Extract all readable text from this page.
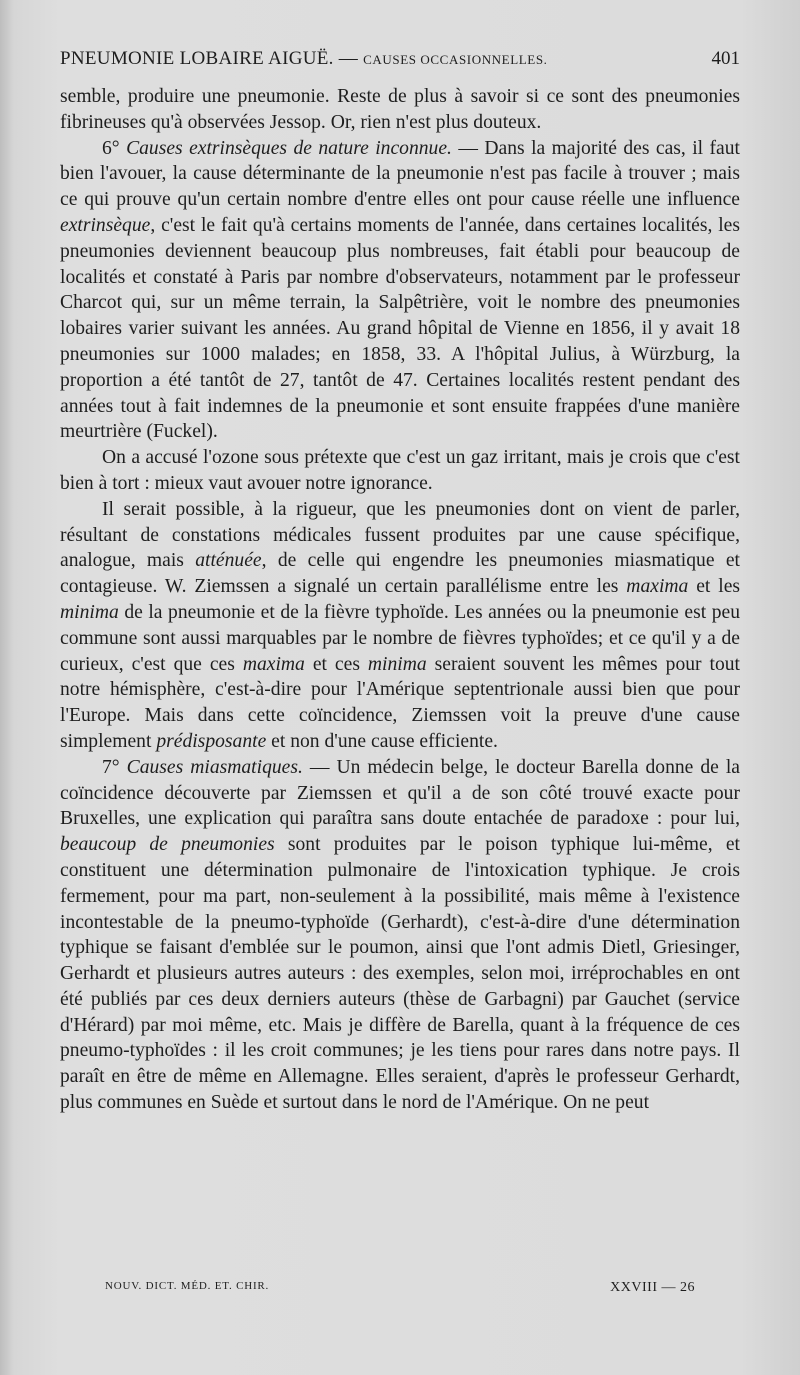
PNEUMONIE LOBAIRE AIGUË. — CAUSES OCCASIONNELLES.	401

semble, produire une pneumonie. Reste de plus à savoir si ce sont des pneumonies fibrineuses qu'à observées Jessop. Or, rien n'est plus douteux.

6° Causes extrinsèques de nature inconnue. — Dans la majorité des cas, il faut bien l'avouer, la cause déterminante de la pneumonie n'est pas facile à trouver ; mais ce qui prouve qu'un certain nombre d'entre elles ont pour cause réelle une influence extrinsèque, c'est le fait qu'à certains moments de l'année, dans certaines localités, les pneumonies deviennent beaucoup plus nombreuses, fait établi pour beaucoup de localités et constaté à Paris par nombre d'observateurs, notamment par le professeur Charcot qui, sur un même terrain, la Salpêtrière, voit le nombre des pneumonies lobaires varier suivant les années. Au grand hôpital de Vienne en 1856, il y avait 18 pneumonies sur 1000 malades; en 1858, 33. A l'hôpital Julius, à Würzburg, la proportion a été tantôt de 27, tantôt de 47. Certaines localités restent pendant des années tout à fait indemnes de la pneumonie et sont ensuite frappées d'une manière meurtrière (Fuckel).

On a accusé l'ozone sous prétexte que c'est un gaz irritant, mais je crois que c'est bien à tort : mieux vaut avouer notre ignorance.

Il serait possible, à la rigueur, que les pneumonies dont on vient de parler, résultant de constations médicales fussent produites par une cause spécifique, analogue, mais atténuée, de celle qui engendre les pneumonies miasmatique et contagieuse. W. Ziemssen a signalé un certain parallélisme entre les maxima et les minima de la pneumonie et de la fièvre typhoïde. Les années ou la pneumonie est peu commune sont aussi marquables par le nombre de fièvres typhoïdes; et ce qu'il y a de curieux, c'est que ces maxima et ces minima seraient souvent les mêmes pour tout notre hémisphère, c'est-à-dire pour l'Amérique septentrionale aussi bien que pour l'Europe. Mais dans cette coïncidence, Ziemssen voit la preuve d'une cause simplement prédisposante et non d'une cause efficiente.

7° Causes miasmatiques. — Un médecin belge, le docteur Barella donne de la coïncidence découverte par Ziemssen et qu'il a de son côté trouvé exacte pour Bruxelles, une explication qui paraîtra sans doute entachée de paradoxe : pour lui, beaucoup de pneumonies sont produites par le poison typhique lui-même, et constituent une détermination pulmonaire de l'intoxication typhique. Je crois fermement, pour ma part, non-seulement à la possibilité, mais même à l'existence incontestable de la pneumo-typhoïde (Gerhardt), c'est-à-dire d'une détermination typhique se faisant d'emblée sur le poumon, ainsi que l'ont admis Dietl, Griesinger, Gerhardt et plusieurs autres auteurs : des exemples, selon moi, irréprochables en ont été publiés par ces deux derniers auteurs (thèse de Garbagni) par Gauchet (service d'Hérard) par moi même, etc. Mais je diffère de Barella, quant à la fréquence de ces pneumo-typhoïdes : il les croit communes; je les tiens pour rares dans notre pays. Il paraît en être de même en Allemagne. Elles seraient, d'après le professeur Gerhardt, plus communes en Suède et surtout dans le nord de l'Amérique. On ne peut

NOUV. DICT. MÉD. ET. CHIR.	XXVIII — 26
